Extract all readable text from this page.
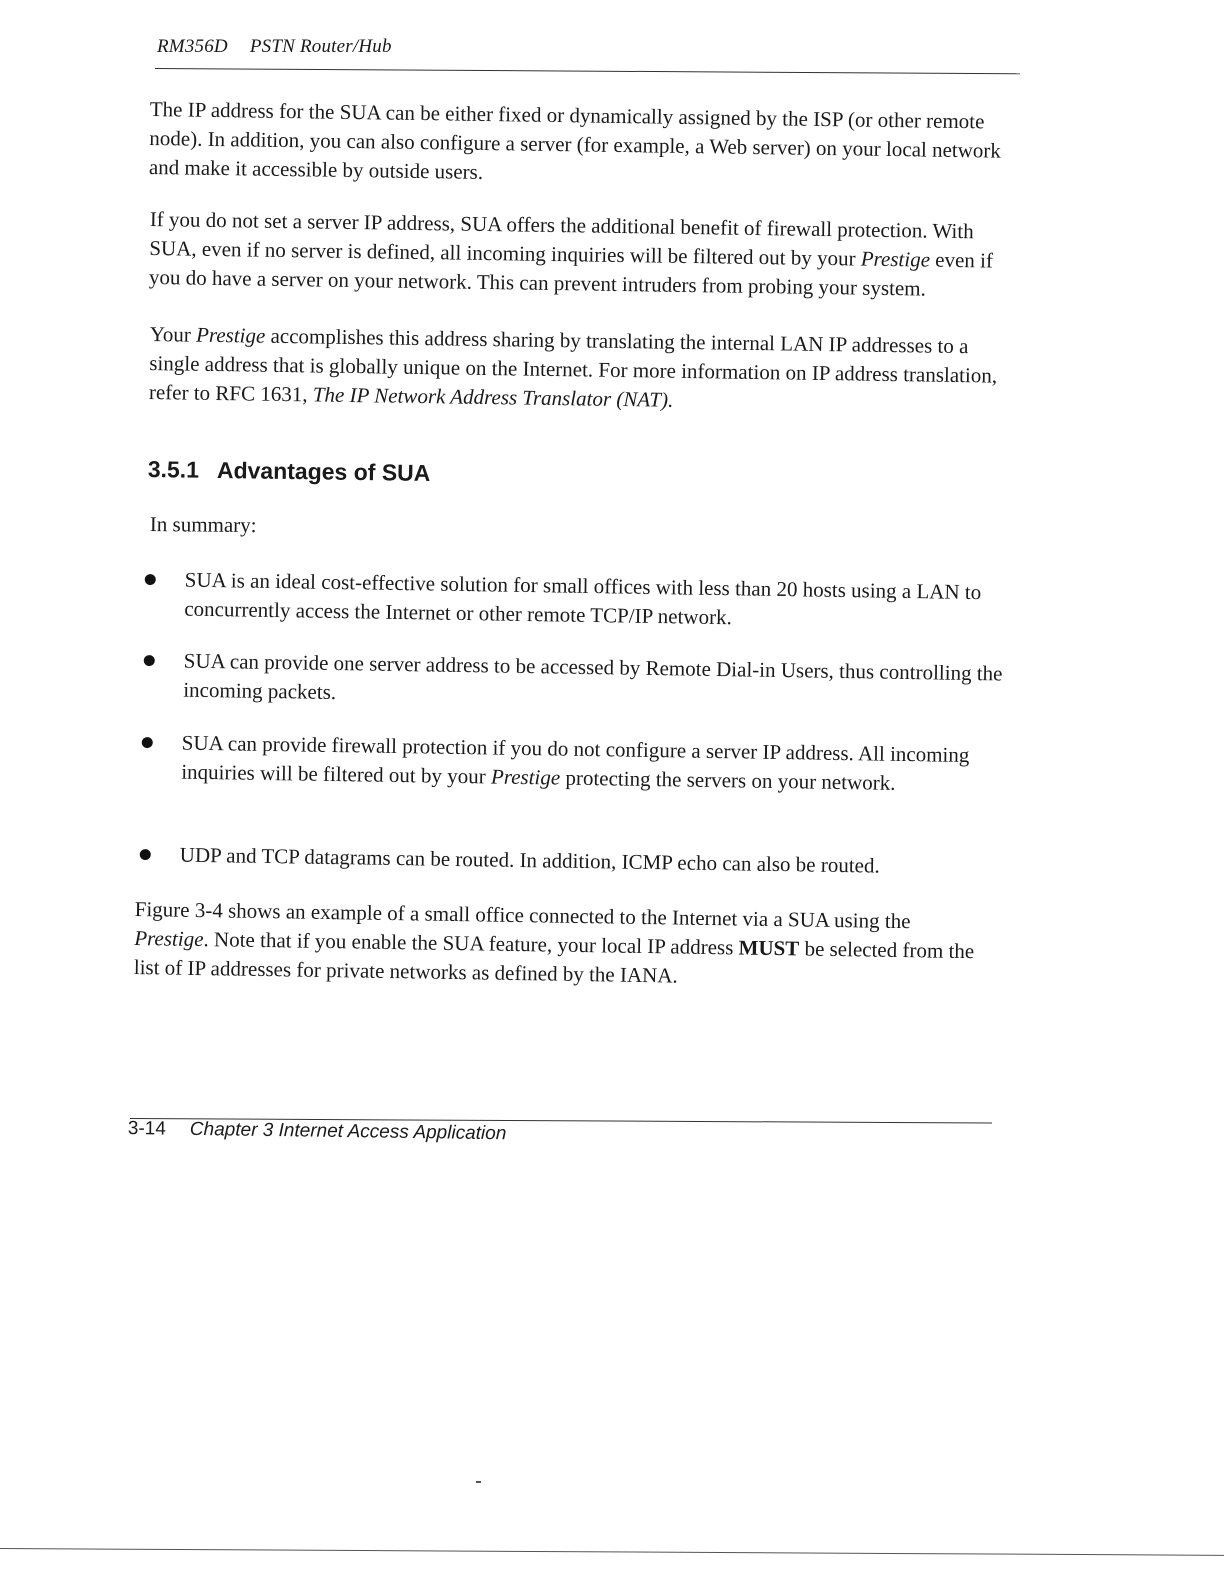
RM356D PSTN Router/Hub

The IP address for the SUA can be either fixed or dynamically assigned by the ISP (or other remote node). In addition, you can also configure a server (for example, a Web server) on your local network and make it accessible by outside users.

If you do not set a server IP address, SUA offers the additional benefit of firewall protection. With SUA, even if no server is defined, all incoming inquiries will be filtered out by your Prestige even if you do have a server on your network. This can prevent intruders from probing your system.

Your Prestige accomplishes this address sharing by translating the internal LAN IP addresses to a single address that is globally unique on the Internet. For more information on IP address translation, refer to RFC 1631, The IP Network Address Translator (NAT).

3.5.1 Advantages of SUA

In summary:

SUA is an ideal cost-effective solution for small offices with less than 20 hosts using a LAN to concurrently access the Internet or other remote TCP/IP network.
SUA can provide one server address to be accessed by Remote Dial-in Users, thus controlling the incoming packets.
SUA can provide firewall protection if you do not configure a server IP address. All incoming inquiries will be filtered out by your Prestige protecting the servers on your network.
UDP and TCP datagrams can be routed. In addition, ICMP echo can also be routed.

Figure 3-4 shows an example of a small office connected to the Internet via a SUA using the Prestige. Note that if you enable the SUA feature, your local IP address MUST be selected from the list of IP addresses for private networks as defined by the IANA.

3-14 Chapter 3 Internet Access Application
